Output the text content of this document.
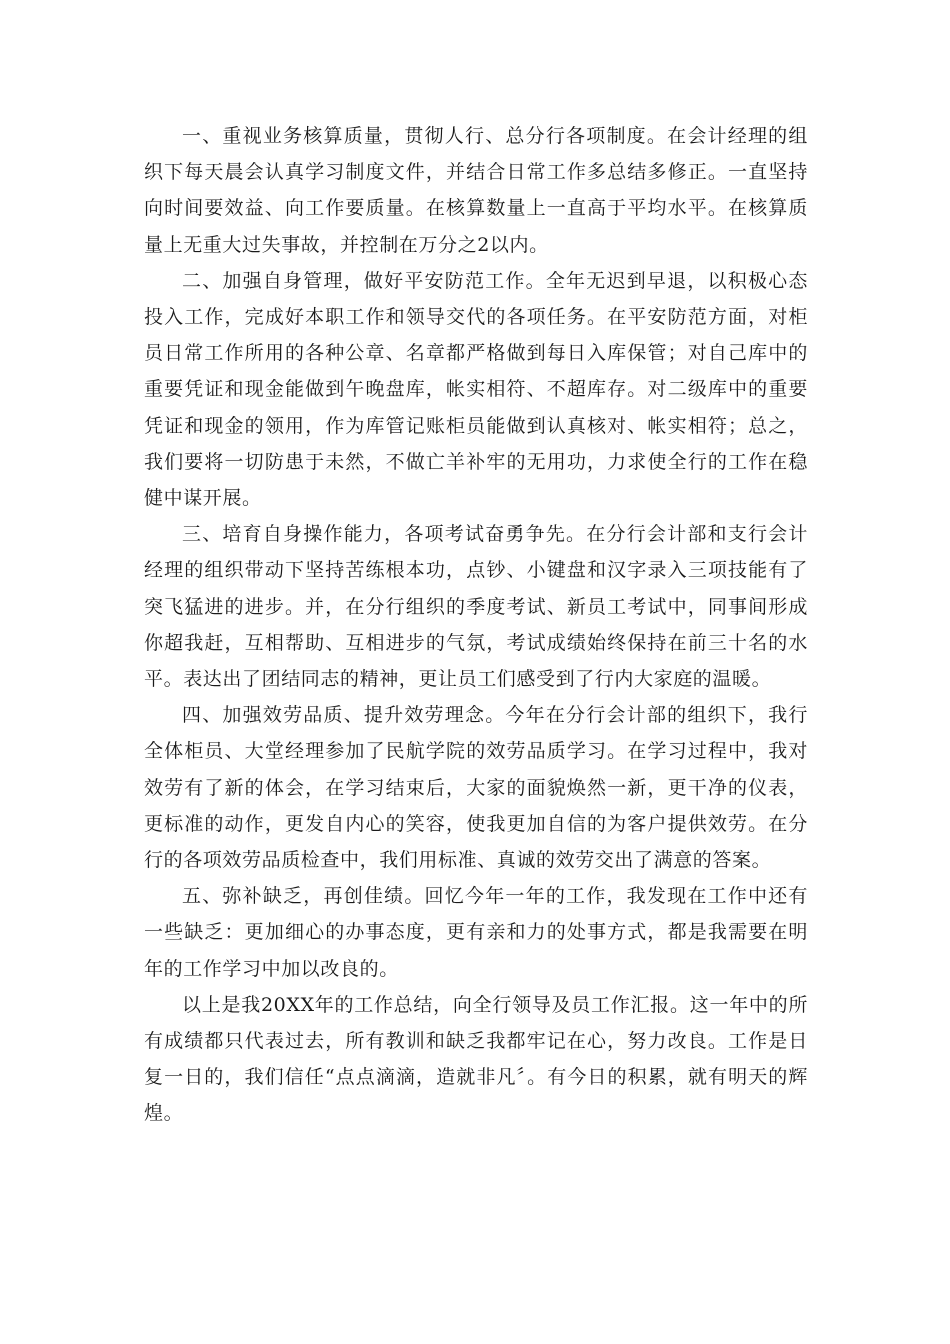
一、重视业务核算质量，贯彻人行、总分行各项制度。在会计经理的组织下每天晨会认真学习制度文件，并结合日常工作多总结多修正。一直坚持向时间要效益、向工作要质量。在核算数量上一直高于平均水平。在核算质量上无重大过失事故，并控制在万分之2以内。

二、加强自身管理，做好平安防范工作。全年无迟到早退，以积极心态投入工作，完成好本职工作和领导交代的各项任务。在平安防范方面，对柜员日常工作所用的各种公章、名章都严格做到每日入库保管；对自己库中的重要凭证和现金能做到午晚盘库，帐实相符、不超库存。对二级库中的重要凭证和现金的领用，作为库管记账柜员能做到认真核对、帐实相符；总之，我们要将一切防患于未然，不做亡羊补牢的无用功，力求使全行的工作在稳健中谋开展。

三、培育自身操作能力，各项考试奋勇争先。在分行会计部和支行会计经理的组织带动下坚持苦练根本功，点钞、小键盘和汉字录入三项技能有了突飞猛进的进步。并，在分行组织的季度考试、新员工考试中，同事间形成你超我赶，互相帮助、互相进步的气氛，考试成绩始终保持在前三十名的水平。表达出了团结同志的精神，更让员工们感受到了行内大家庭的温暖。

四、加强效劳品质、提升效劳理念。今年在分行会计部的组织下，我行全体柜员、大堂经理参加了民航学院的效劳品质学习。在学习过程中，我对效劳有了新的体会，在学习结束后，大家的面貌焕然一新，更干净的仪表，更标准的动作，更发自内心的笑容，使我更加自信的为客户提供效劳。在分行的各项效劳品质检查中，我们用标准、真诚的效劳交出了满意的答案。

五、弥补缺乏，再创佳绩。回忆今年一年的工作，我发现在工作中还有一些缺乏：更加细心的办事态度，更有亲和力的处事方式，都是我需要在明年的工作学习中加以改良的。

以上是我20XX年的工作总结，向全行领导及员工作汇报。这一年中的所有成绩都只代表过去，所有教训和缺乏我都牢记在心，努力改良。工作是日复一日的，我们信任“点点滴滴，造就非凡〞。有今日的积累，就有明天的辉煌。
